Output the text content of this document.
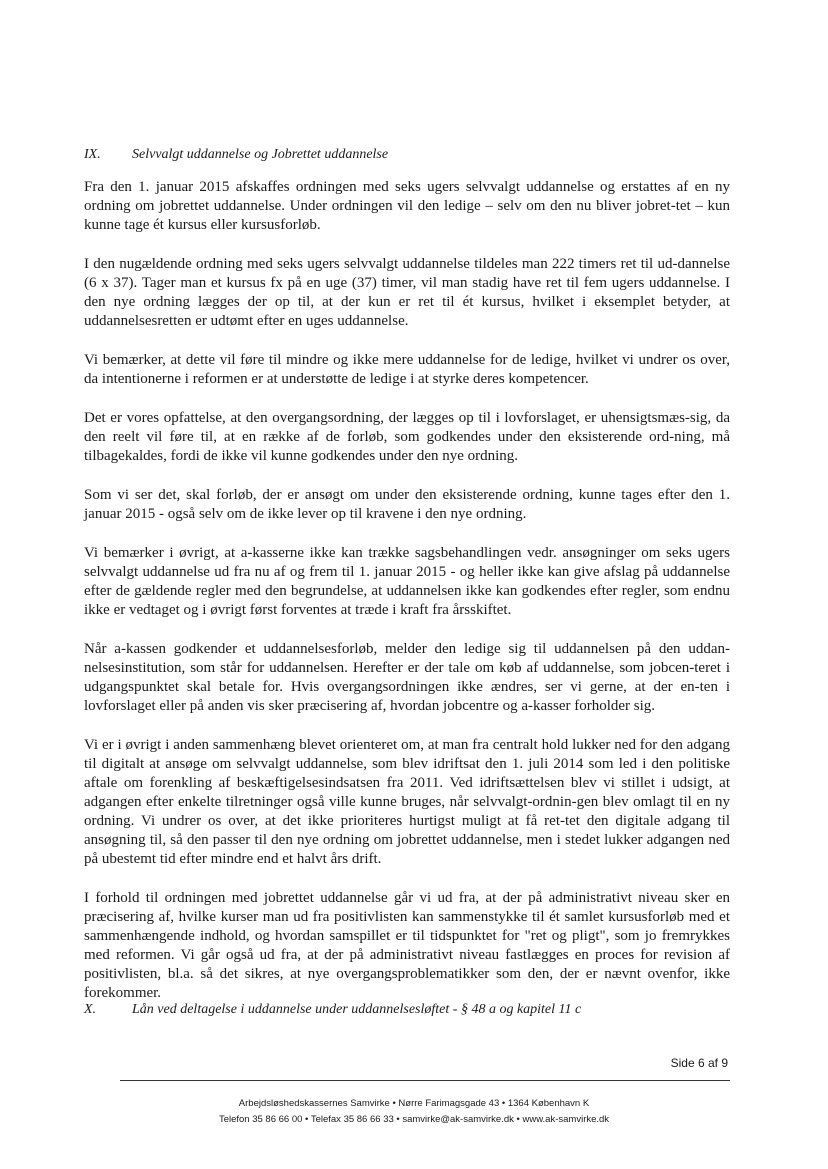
IX.	Selvvalgt uddannelse og Jobrettet uddannelse

Fra den 1. januar 2015 afskaffes ordningen med seks ugers selvvalgt uddannelse og erstattes af en ny ordning om jobrettet uddannelse. Under ordningen vil den ledige – selv om den nu bliver jobret-tet – kun kunne tage ét kursus eller kursusforløb.

I den nugældende ordning med seks ugers selvvalgt uddannelse tildeles man 222 timers ret til ud-dannelse (6 x 37). Tager man et kursus fx på en uge (37) timer, vil man stadig have ret til fem ugers uddannelse. I den nye ordning lægges der op til, at der kun er ret til ét kursus, hvilket i eksemplet betyder, at uddannelsesretten er udtømt efter en uges uddannelse.

Vi bemærker, at dette vil føre til mindre og ikke mere uddannelse for de ledige, hvilket vi undrer os over, da intentionerne i reformen er at understøtte de ledige i at styrke deres kompetencer.

Det er vores opfattelse, at den overgangsordning, der lægges op til i lovforslaget, er uhensigtsmæs-sig, da den reelt vil føre til, at en række af de forløb, som godkendes under den eksisterende ord-ning, må tilbagekaldes, fordi de ikke vil kunne godkendes under den nye ordning.

Som vi ser det, skal forløb, der er ansøgt om under den eksisterende ordning, kunne tages efter den 1. januar 2015 - også selv om de ikke lever op til kravene i den nye ordning.

Vi bemærker i øvrigt, at a-kasserne ikke kan trække sagsbehandlingen vedr. ansøgninger om seks ugers selvvalgt uddannelse ud fra nu af og frem til 1. januar 2015 - og heller ikke kan give afslag på uddannelse efter de gældende regler med den begrundelse, at uddannelsen ikke kan godkendes efter regler, som endnu ikke er vedtaget og i øvrigt først forventes at træde i kraft fra årsskiftet.

Når a-kassen godkender et uddannelsesforløb, melder den ledige sig til uddannelsen på den uddan-nelsesinstitution, som står for uddannelsen. Herefter er der tale om køb af uddannelse, som jobcen-teret i udgangspunktet skal betale for. Hvis overgangsordningen ikke ændres, ser vi gerne, at der en-ten i lovforslaget eller på anden vis sker præcisering af, hvordan jobcentre og a-kasser forholder sig.

Vi er i øvrigt i anden sammenhæng blevet orienteret om, at man fra centralt hold lukker ned for den adgang til digitalt at ansøge om selvvalgt uddannelse, som blev idriftsat den 1. juli 2014 som led i den politiske aftale om forenkling af beskæftigelsesindsatsen fra 2011. Ved idriftsættelsen blev vi stillet i udsigt, at adgangen efter enkelte tilretninger også ville kunne bruges, når selvvalgt-ordnin-gen blev omlagt til en ny ordning. Vi undrer os over, at det ikke prioriteres hurtigst muligt at få ret-tet den digitale adgang til ansøgning til, så den passer til den nye ordning om jobrettet uddannelse, men i stedet lukker adgangen ned på ubestemt tid efter mindre end et halvt års drift.

I forhold til ordningen med jobrettet uddannelse går vi ud fra, at der på administrativt niveau sker en præcisering af, hvilke kurser man ud fra positivlisten kan sammenstykke til ét samlet kursusforløb med et sammenhængende indhold, og hvordan samspillet er til tidspunktet for "ret og pligt", som jo fremrykkes med reformen. Vi går også ud fra, at der på administrativt niveau fastlægges en proces for revision af positivlisten, bl.a. så det sikres, at nye overgangsproblematikker som den, der er nævnt ovenfor, ikke forekommer.

X.	Lån ved deltagelse i uddannelse under uddannelsesløftet - § 48 a og kapitel 11 c
Side 6 af 9
Arbejdsløshedskassernes Samvirke • Nørre Farimagsgade 43 • 1364 København K
Telefon 35 86 66 00 • Telefax 35 86 66 33 • samvirke@ak-samvirke.dk • www.ak-samvirke.dk
